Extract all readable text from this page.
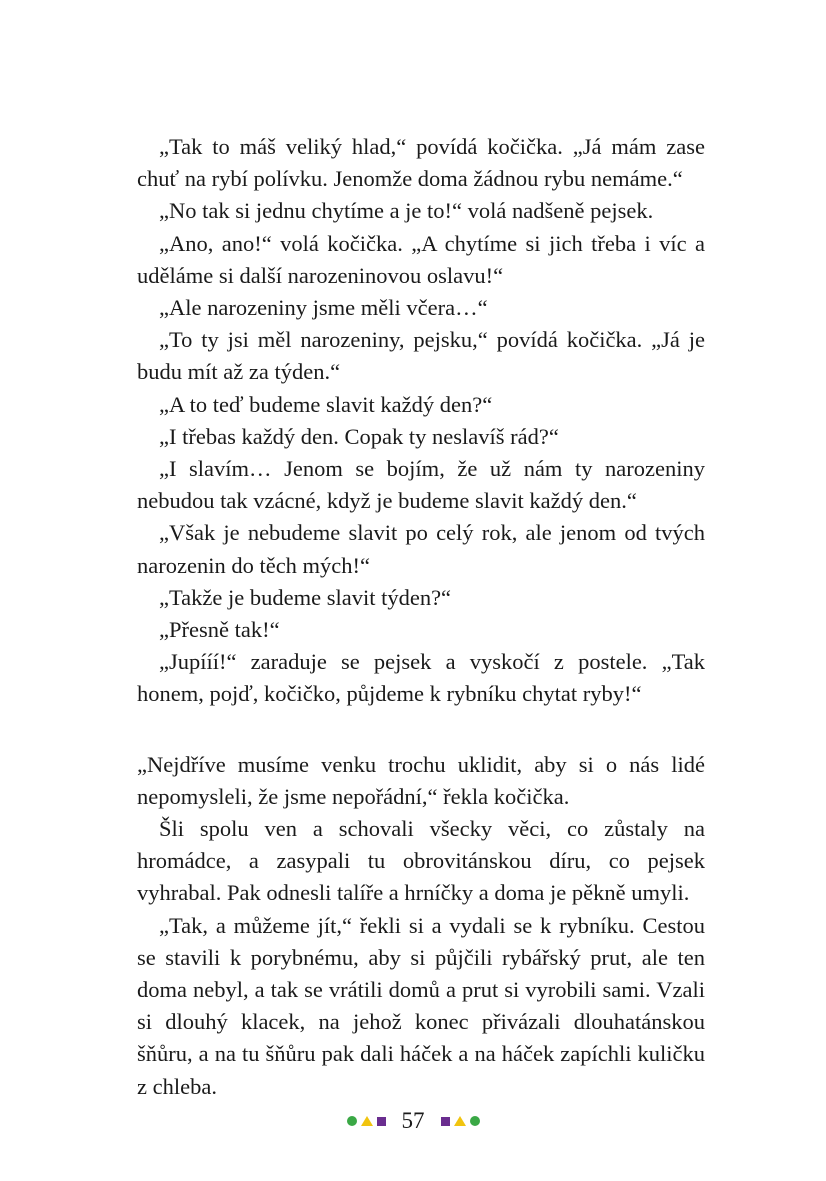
„Tak to máš veliký hlad,“ povídá kočička. „Já mám zase chuť na rybí polívku. Jenomže doma žádnou rybu nemáme.“

„No tak si jednu chytíme a je to!“ volá nadšeně pejsek.

„Ano, ano!“ volá kočička. „A chytíme si jich třeba i víc a uděláme si další narozeninovou oslavu!“

„Ale narozeniny jsme měli včera…“

„To ty jsi měl narozeniny, pejsku,“ povídá kočička. „Já je budu mít až za týden.“

„A to teď budeme slavit každý den?“

„I třebas každý den. Copak ty neslavíš rád?“

„I slavím… Jenom se bojím, že už nám ty narozeniny nebudou tak vzácné, když je budeme slavit každý den.“

„Však je nebudeme slavit po celý rok, ale jenom od tvých narozenin do těch mých!“

„Takže je budeme slavit týden?“

„Přesně tak!“

„Jupííí!“ zaraduje se pejsek a vyskočí z postele. „Tak honem, pojď, kočičko, půjdeme k rybníku chytat ryby!“

„Nejdříve musíme venku trochu uklidit, aby si o nás lidé nepomysleli, že jsme nepořádní,“ řekla kočička.

Šli spolu ven a schovali všecky věci, co zůstaly na hromádce, a zasypali tu obrovitánskou díru, co pejsek vyhrabal. Pak odnesli talíře a hrníčky a doma je pěkně umyli.

„Tak, a můžeme jít,“ řekli si a vydali se k rybníku. Cestou se stavili k porybnému, aby si půjčili rybářský prut, ale ten doma nebyl, a tak se vrátili domů a prut si vyrobili sami. Vzali si dlouhý klacek, na jehož konec přivázali dlouhatánskou šňůru, a na tu šňůru pak dali háček a na háček zapíchli kuličku z chleba.

57
